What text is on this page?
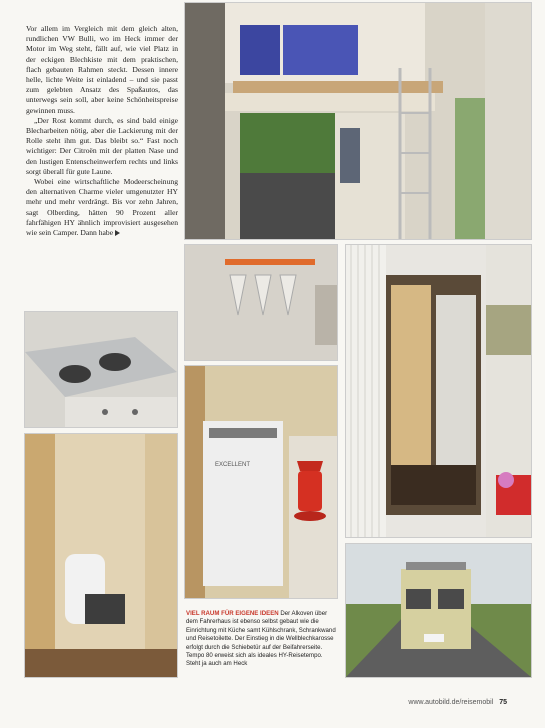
Vor allem im Vergleich mit dem gleich alten, rundlichen VW Bulli, wo im Heck immer der Motor im Weg steht, fällt auf, wie viel Platz in der eckigen Blechkiste mit dem praktischen, flach gebauten Rahmen steckt. Dessen innere helle, lichte Weite ist einladend – und sie passt zum gelebten Ansatz des Spaßautos, das unterwegs sein soll, aber keine Schönheitspreise gewinnen muss.

„Der Rost kommt durch, es sind bald einige Blecharbeiten nötig, aber die Lackierung mit der Rolle steht ihm gut. Das bleibt so.“ Fast noch wichtiger: Der Citroën mit der platten Nase und den lustigen Entenscheinwerfern rechts und links sorgt überall für gute Laune.

Wobei eine wirtschaftliche Modeerscheinung den alternativen Charme vieler umgenutzter HY mehr und mehr verdrängt. Bis vor zehn Jahren, sagt Olberding, hätten 90 Prozent aller fahrfähigen HY ähnlich improvisiert ausgesehen wie sein Camper. Dann habe

EXCELLENT
VIEL RAUM FÜR EIGENE IDEEN Der Alkoven über dem Fahrerhaus ist ebenso selbst gebaut wie die Einrichtung mit Küche samt Kühlschrank, Schrankwand und Reisetoilette. Der Einstieg in die Wellblechkarosse erfolgt durch die Schiebetür auf der Beifahrerseite. Tempo 80 erweist sich als ideales HY-Reisetempo. Steht ja auch am Heck
www.autobild.de/reisemobil 75
